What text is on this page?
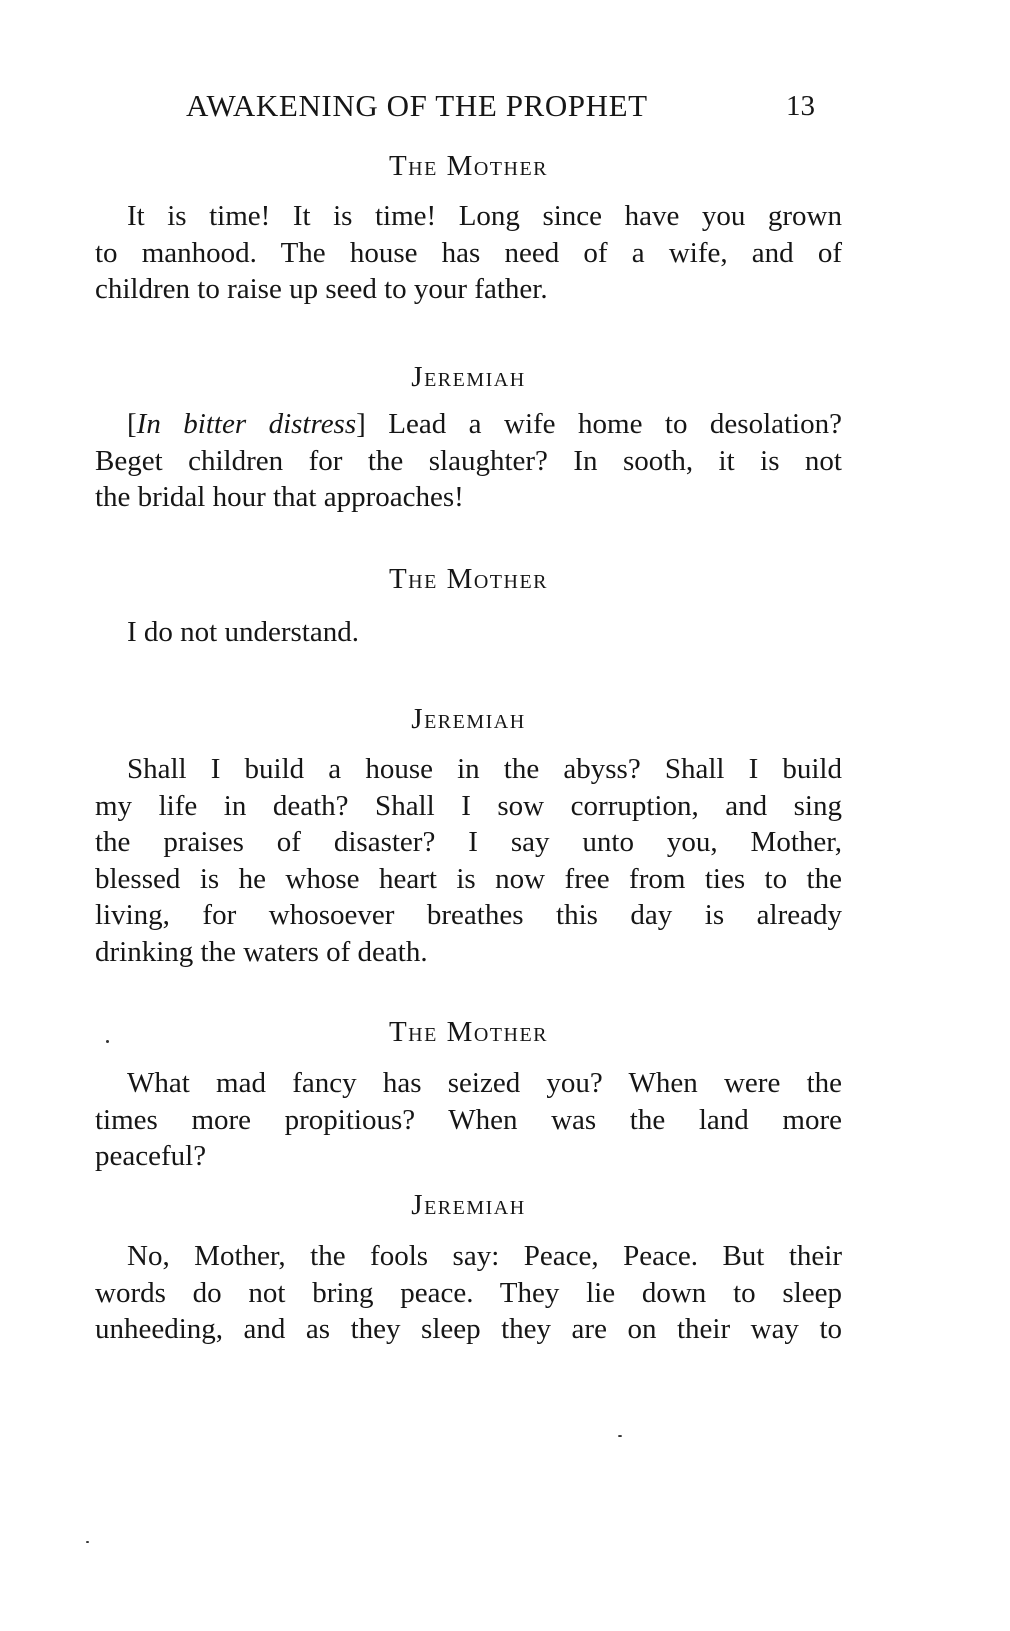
AWAKENING OF THE PROPHET	13
The Mother
It is time! It is time! Long since have you grown
to manhood. The house has need of a wife, and of
children to raise up seed to your father.
Jeremiah
[In bitter distress] Lead a wife home to desolation?
Beget children for the slaughter? In sooth, it is not
the bridal hour that approaches!
The Mother
I do not understand.
Jeremiah
Shall I build a house in the abyss? Shall I build
my life in death? Shall I sow corruption, and sing
the praises of disaster? I say unto you, Mother,
blessed is he whose heart is now free from ties to the
living, for whosoever breathes this day is already
drinking the waters of death.
The Mother
What mad fancy has seized you? When were the
times more propitious? When was the land more
peaceful?
Jeremiah
No, Mother, the fools say: Peace, Peace. But their
words do not bring peace. They lie down to sleep
unheeding, and as they sleep they are on their way to
